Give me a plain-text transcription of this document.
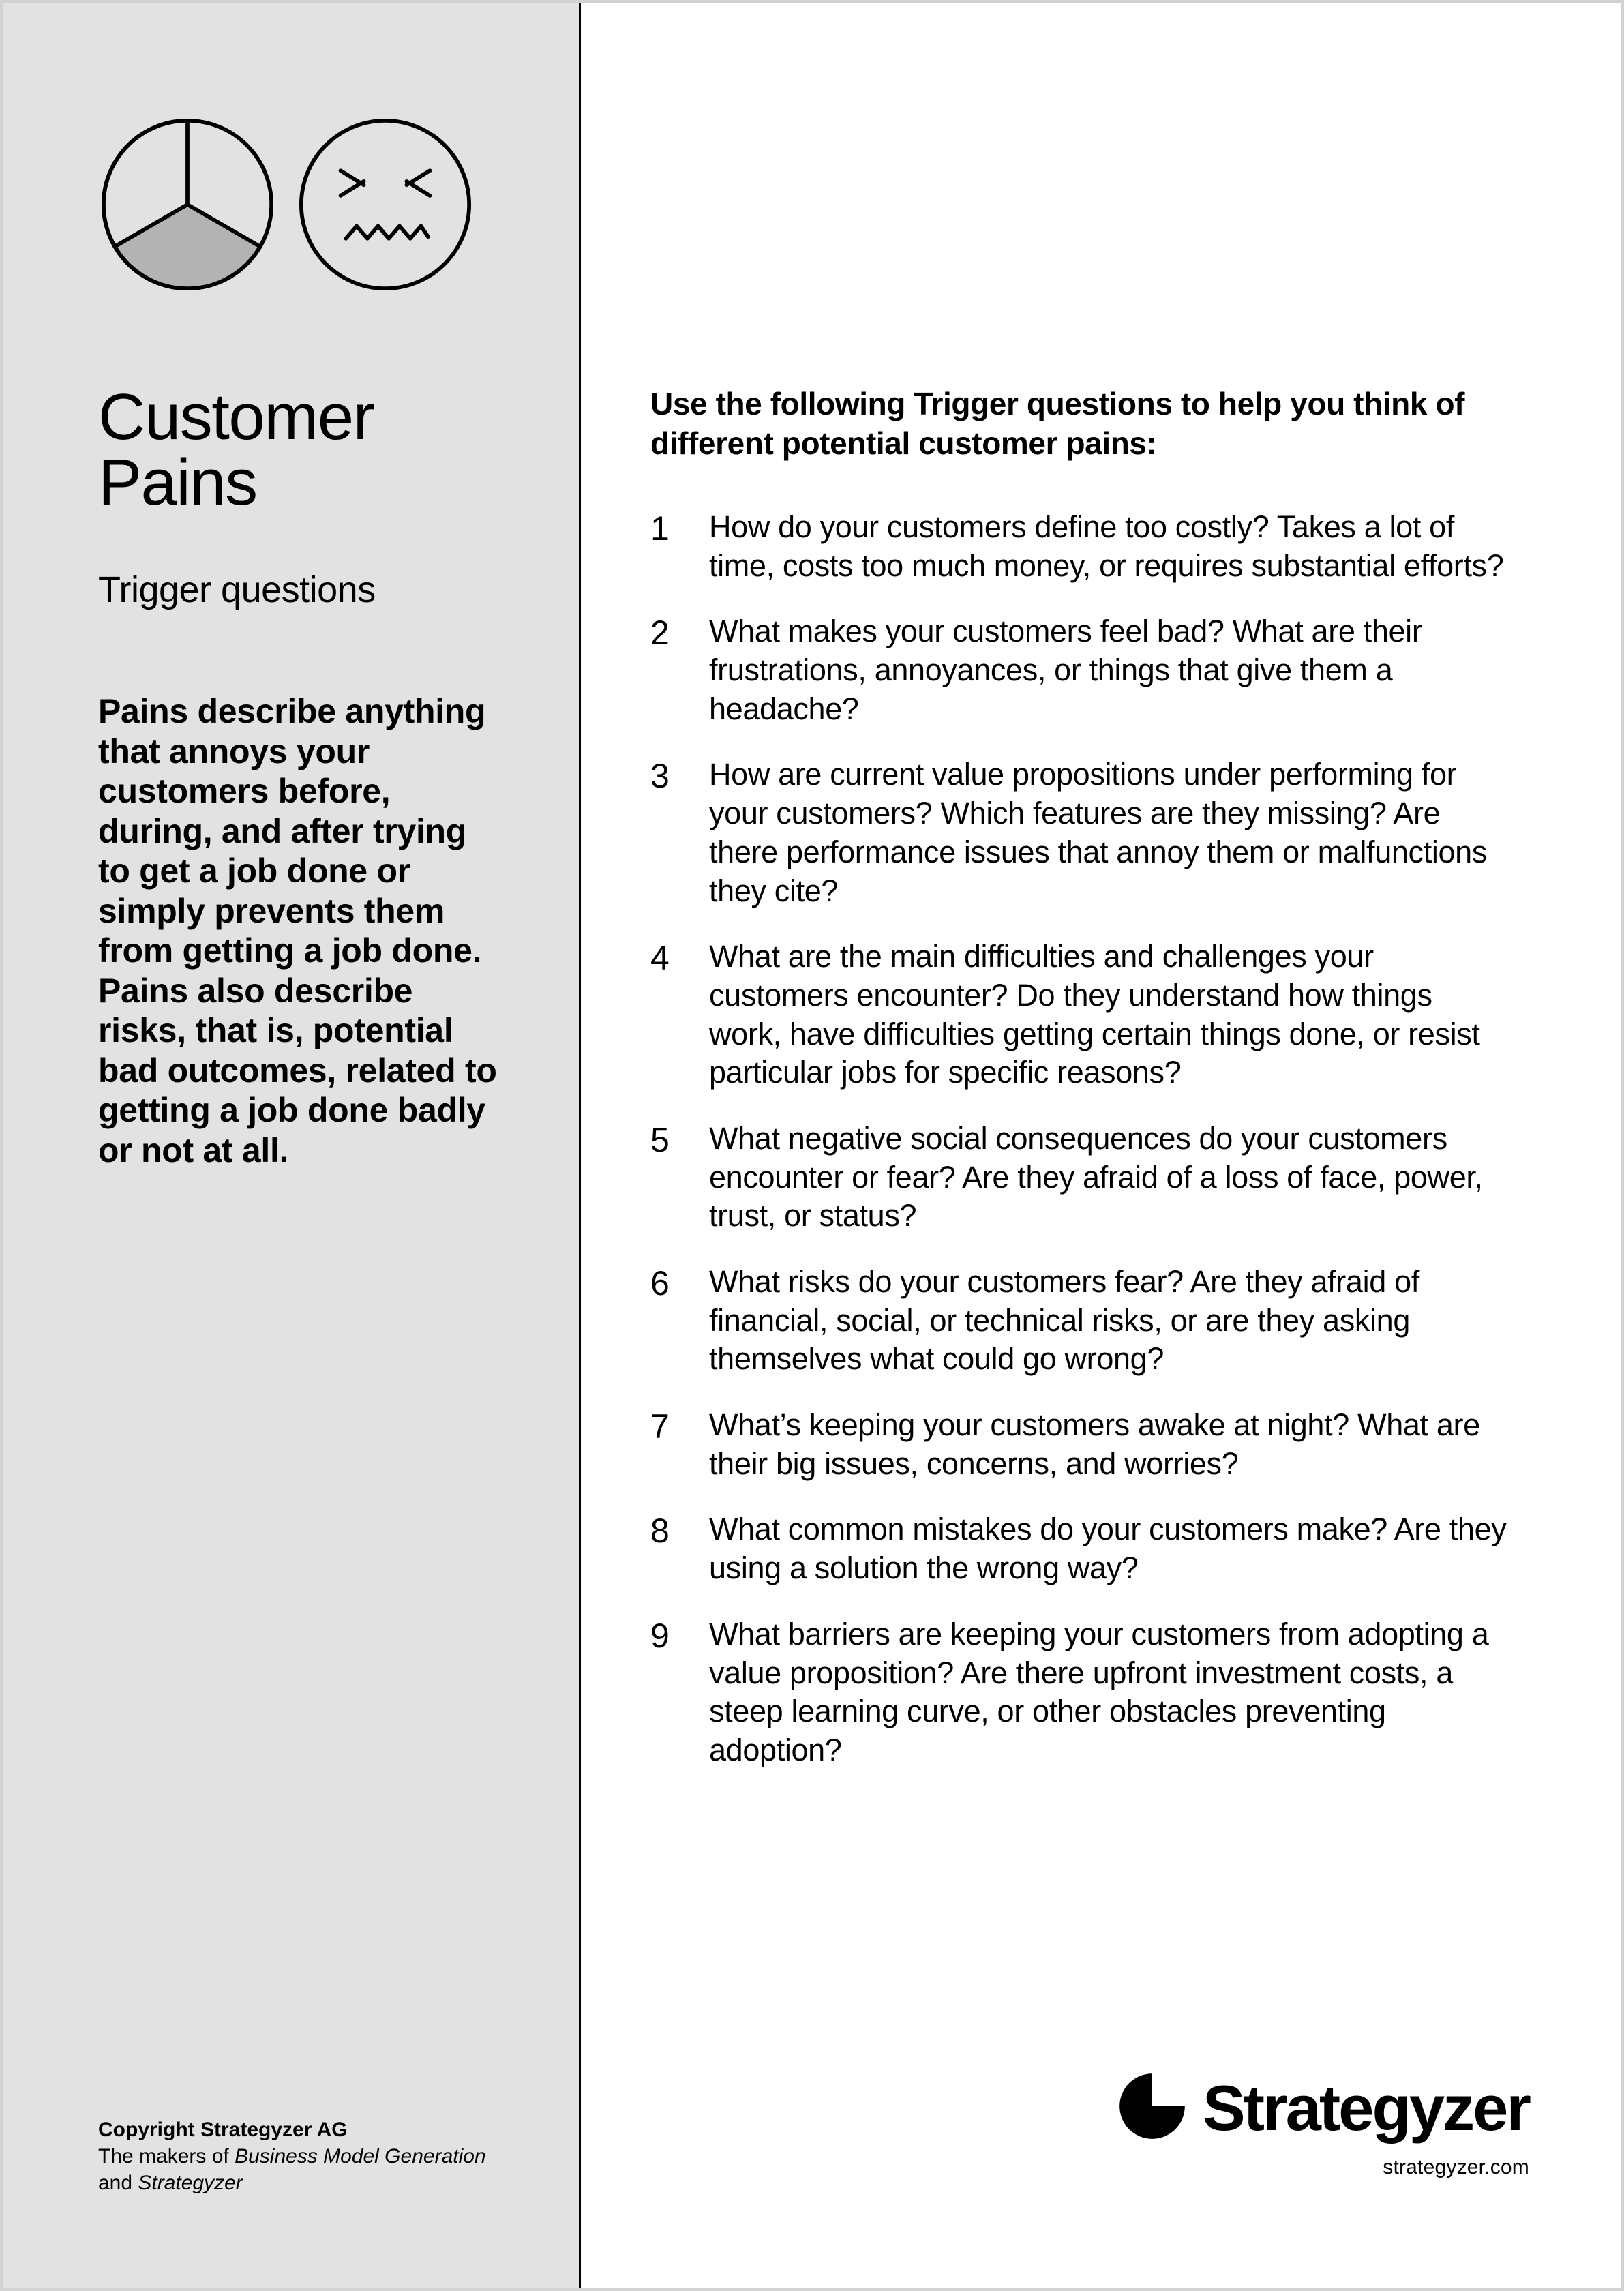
Customer
Pains
Trigger questions
Pains describe anything that annoys your customers before, during, and after trying to get a job done or simply prevents them from getting a job done. Pains also describe risks, that is, potential bad outcomes, related to getting a job done badly or not at all.
Copyright Strategyzer AG
The makers of Business Model Generation and Strategyzer
Use the following Trigger questions to help you think of different potential customer pains:
1	How do your customers define too costly? Takes a lot of time, costs too much money, or requires substantial efforts?
2	What makes your customers feel bad? What are their frustrations, annoyances, or things that give them a headache?
3	How are current value propositions under performing for your customers? Which features are they missing? Are there performance issues that annoy them or malfunctions they cite?
4	What are the main difficulties and challenges your customers encounter? Do they understand how things work, have difficulties getting certain things done, or resist particular jobs for specific reasons?
5	What negative social consequences do your customers encounter or fear? Are they afraid of a loss of face, power, trust, or status?
6	What risks do your customers fear? Are they afraid of financial, social, or technical risks, or are they asking themselves what could go wrong?
7	What’s keeping your customers awake at night? What are their big issues, concerns, and worries?
8	What common mistakes do your customers make? Are they using a solution the wrong way?
9	What barriers are keeping your customers from adopting a value proposition? Are there upfront investment costs, a steep learning curve, or other obstacles preventing adoption?
Strategyzer
strategyzer.com
